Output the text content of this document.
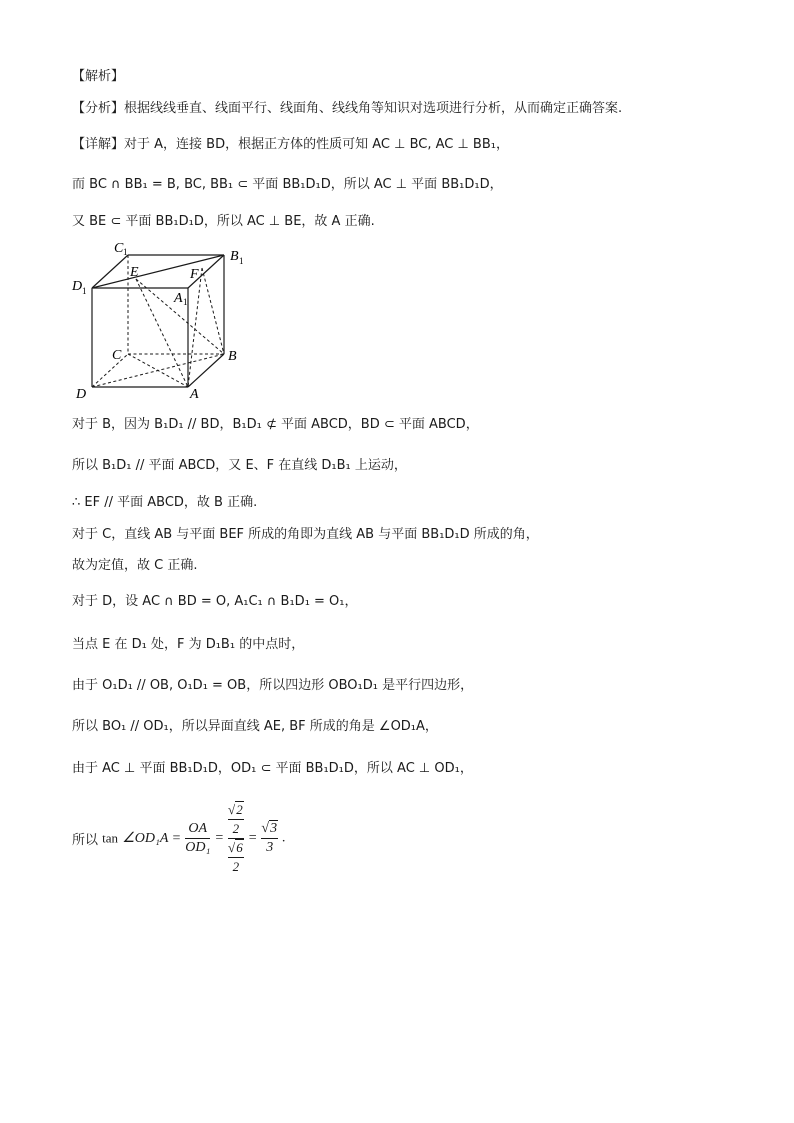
【解析】
【分析】根据线线垂直、线面平行、线面角、线线角等知识对选项进行分析，从而确定正确答案.
【详解】对于 A，连接 BD，根据正方体的性质可知 AC ⊥ BC, AC ⊥ BB₁，
而 BC ∩ BB₁ = B, BC, BB₁ ⊂ 平面 BB₁D₁D，所以 AC ⊥ 平面 BB₁D₁D，
又 BE ⊂ 平面 BB₁D₁D，所以 AC ⊥ BE，故 A 正确.
C 1	B 1
D 1	A 1
E	F
C	B
D	A
对于 B，因为 B₁D₁ // BD，B₁D₁ ⊄ 平面 ABCD，BD ⊂ 平面 ABCD，
所以 B₁D₁ // 平面 ABCD，又 E、F 在直线 D₁B₁ 上运动，
∴ EF // 平面 ABCD，故 B 正确.
对于 C，直线 AB 与平面 BEF 所成的角即为直线 AB 与平面 BB₁D₁D 所成的角，
故为定值，故 C 正确.
对于 D，设 AC ∩ BD = O, A₁C₁ ∩ B₁D₁ = O₁，
当点 E 在 D₁ 处，F 为 D₁B₁ 的中点时，
由于 O₁D₁ // OB, O₁D₁ = OB，所以四边形 OBO₁D₁ 是平行四边形，
所以 BO₁ // OD₁，所以异面直线 AE, BF 所成的角是 ∠OD₁A，
由于 AC ⊥ 平面 BB₁D₁D，OD₁ ⊂ 平面 BB₁D₁D，所以 AC ⊥ OD₁，
所以 tan ∠OD₁A = $\frac{OA}{\text{OD₁}} = \frac{\frac{√2}{2}}{\frac{√6}{2}} = \frac{√3}{3}$ .
